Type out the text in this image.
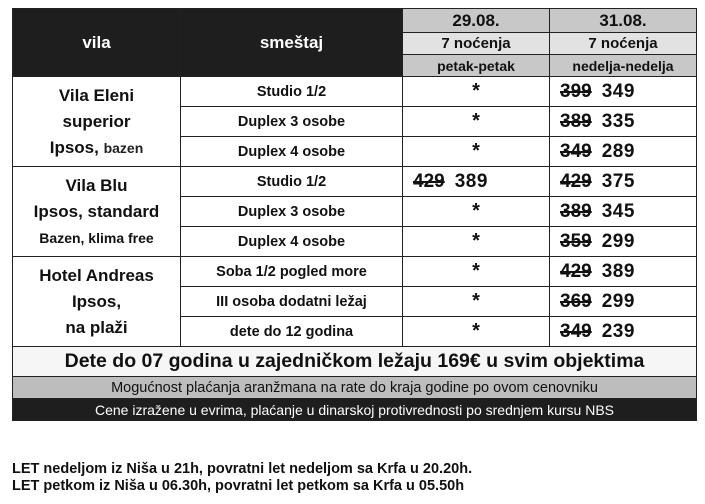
vila	smeštaj	29.08.	31.08.
		7 noćenja	7 noćenja
		petak-petak	nedelja-nedelja

Vila Eleni
superior
Ipsos, bazen	Studio 1/2	*	399 349
	Duplex 3 osobe	*	389 335
	Duplex 4 osobe	*	349 289

Vila Blu
Ipsos, standard
Bazen, klima free	Studio 1/2	429 389	429 375
	Duplex 3 osobe	*	389 345
	Duplex 4 osobe	*	359 299

Hotel Andreas
Ipsos,
na plaži	Soba 1/2 pogled more	*	429 389
	III osoba dodatni ležaj	*	369 299
	dete do 12 godina	*	349 239
Dete do 07 godina u zajedničkom ležaju 169€ u svim objektima			
Mogućnost plaćanja aranžmana na rate do kraja godine po ovom cenovniku			
Cene izražene u evrima, plaćanje u dinarskoj protivrednosti po srednjem kursu NBS			
LET nedeljom iz Niša u 21h, povratni let nedeljom sa Krfa u 20.20h.
LET petkom iz Niša u 06.30h, povratni let petkom sa Krfa u 05.50h
